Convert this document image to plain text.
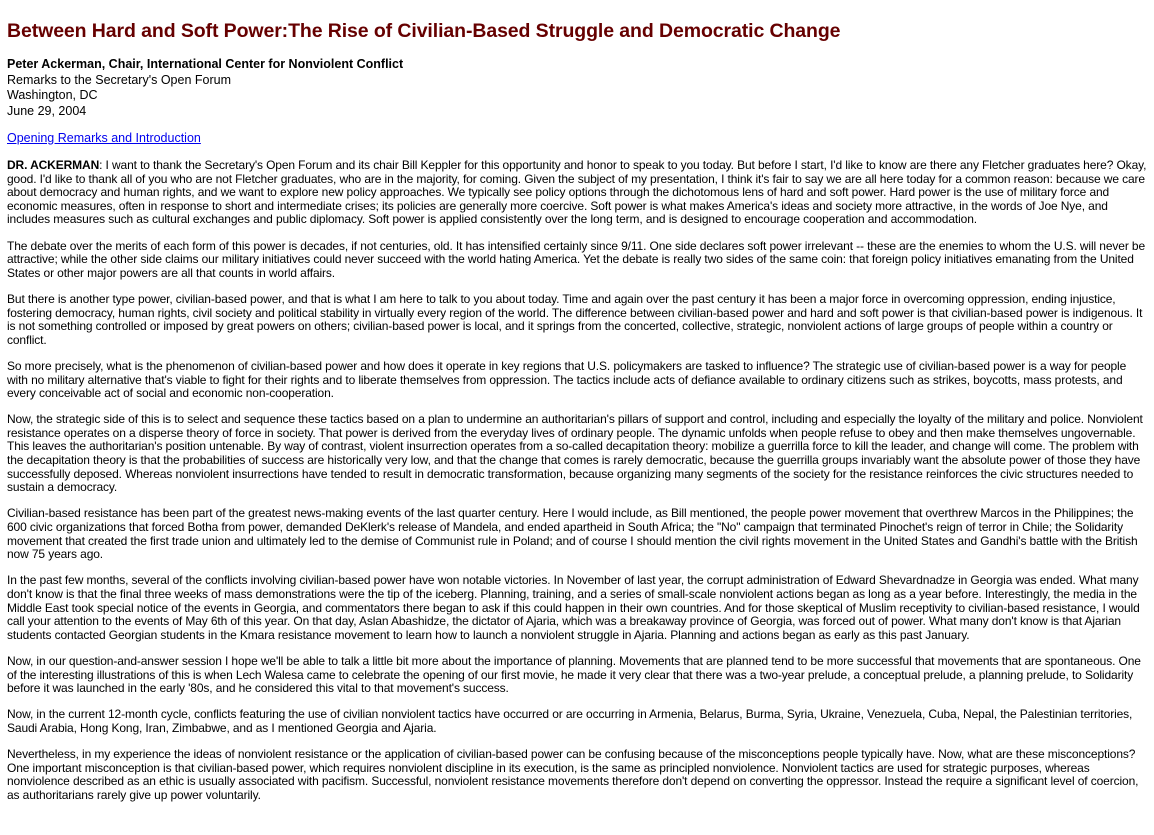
Between Hard and Soft Power:The Rise of Civilian-Based Struggle and Democratic Change
Peter Ackerman, Chair, International Center for Nonviolent Conflict
Remarks to the Secretary's Open Forum
Washington, DC
June 29, 2004
Opening Remarks and Introduction

DR. ACKERMAN: I want to thank the Secretary's Open Forum and its chair Bill Keppler for this opportunity and honor to speak to you today. But before I start, I'd like to know are there any Fletcher graduates here? Okay, good. I'd like to thank all of you who are not Fletcher graduates, who are in the majority, for coming. Given the subject of my presentation, I think it's fair to say we are all here today for a common reason: because we care about democracy and human rights, and we want to explore new policy approaches. We typically see policy options through the dichotomous lens of hard and soft power. Hard power is the use of military force and economic measures, often in response to short and intermediate crises; its policies are generally more coercive. Soft power is what makes America's ideas and society more attractive, in the words of Joe Nye, and includes measures such as cultural exchanges and public diplomacy. Soft power is applied consistently over the long term, and is designed to encourage cooperation and accommodation.

The debate over the merits of each form of this power is decades, if not centuries, old. It has intensified certainly since 9/11. One side declares soft power irrelevant -- these are the enemies to whom the U.S. will never be attractive; while the other side claims our military initiatives could never succeed with the world hating America. Yet the debate is really two sides of the same coin: that foreign policy initiatives emanating from the United States or other major powers are all that counts in world affairs.

But there is another type power, civilian-based power, and that is what I am here to talk to you about today. Time and again over the past century it has been a major force in overcoming oppression, ending injustice, fostering democracy, human rights, civil society and political stability in virtually every region of the world. The difference between civilian-based power and hard and soft power is that civilian-based power is indigenous. It is not something controlled or imposed by great powers on others; civilian-based power is local, and it springs from the concerted, collective, strategic, nonviolent actions of large groups of people within a country or conflict.

So more precisely, what is the phenomenon of civilian-based power and how does it operate in key regions that U.S. policymakers are tasked to influence? The strategic use of civilian-based power is a way for people with no military alternative that's viable to fight for their rights and to liberate themselves from oppression. The tactics include acts of defiance available to ordinary citizens such as strikes, boycotts, mass protests, and every conceivable act of social and economic non-cooperation.

Now, the strategic side of this is to select and sequence these tactics based on a plan to undermine an authoritarian's pillars of support and control, including and especially the loyalty of the military and police. Nonviolent resistance operates on a disperse theory of force in society. That power is derived from the everyday lives of ordinary people. The dynamic unfolds when people refuse to obey and then make themselves ungovernable. This leaves the authoritarian's position untenable. By way of contrast, violent insurrection operates from a so-called decapitation theory: mobilize a guerrilla force to kill the leader, and change will come. The problem with the decapitation theory is that the probabilities of success are historically very low, and that the change that comes is rarely democratic, because the guerrilla groups invariably want the absolute power of those they have successfully deposed. Whereas nonviolent insurrections have tended to result in democratic transformation, because organizing many segments of the society for the resistance reinforces the civic structures needed to sustain a democracy.

Civilian-based resistance has been part of the greatest news-making events of the last quarter century. Here I would include, as Bill mentioned, the people power movement that overthrew Marcos in the Philippines; the 600 civic organizations that forced Botha from power, demanded DeKlerk's release of Mandela, and ended apartheid in South Africa; the "No" campaign that terminated Pinochet's reign of terror in Chile; the Solidarity movement that created the first trade union and ultimately led to the demise of Communist rule in Poland; and of course I should mention the civil rights movement in the United States and Gandhi's battle with the British now 75 years ago.

In the past few months, several of the conflicts involving civilian-based power have won notable victories. In November of last year, the corrupt administration of Edward Shevardnadze in Georgia was ended. What many don't know is that the final three weeks of mass demonstrations were the tip of the iceberg. Planning, training, and a series of small-scale nonviolent actions began as long as a year before. Interestingly, the media in the Middle East took special notice of the events in Georgia, and commentators there began to ask if this could happen in their own countries. And for those skeptical of Muslim receptivity to civilian-based resistance, I would call your attention to the events of May 6th of this year. On that day, Aslan Abashidze, the dictator of Ajaria, which was a breakaway province of Georgia, was forced out of power. What many don't know is that Ajarian students contacted Georgian students in the Kmara resistance movement to learn how to launch a nonviolent struggle in Ajaria. Planning and actions began as early as this past January.

Now, in our question-and-answer session I hope we'll be able to talk a little bit more about the importance of planning. Movements that are planned tend to be more successful that movements that are spontaneous. One of the interesting illustrations of this is when Lech Walesa came to celebrate the opening of our first movie, he made it very clear that there was a two-year prelude, a conceptual prelude, a planning prelude, to Solidarity before it was launched in the early '80s, and he considered this vital to that movement's success.

Now, in the current 12-month cycle, conflicts featuring the use of civilian nonviolent tactics have occurred or are occurring in Armenia, Belarus, Burma, Syria, Ukraine, Venezuela, Cuba, Nepal, the Palestinian territories, Saudi Arabia, Hong Kong, Iran, Zimbabwe, and as I mentioned Georgia and Ajaria.

Nevertheless, in my experience the ideas of nonviolent resistance or the application of civilian-based power can be confusing because of the misconceptions people typically have. Now, what are these misconceptions? One important misconception is that civilian-based power, which requires nonviolent discipline in its execution, is the same as principled nonviolence. Nonviolent tactics are used for strategic purposes, whereas nonviolence described as an ethic is usually associated with pacifism. Successful, nonviolent resistance movements therefore don't depend on converting the oppressor. Instead the require a significant level of coercion, as authoritarians rarely give up power voluntarily.
